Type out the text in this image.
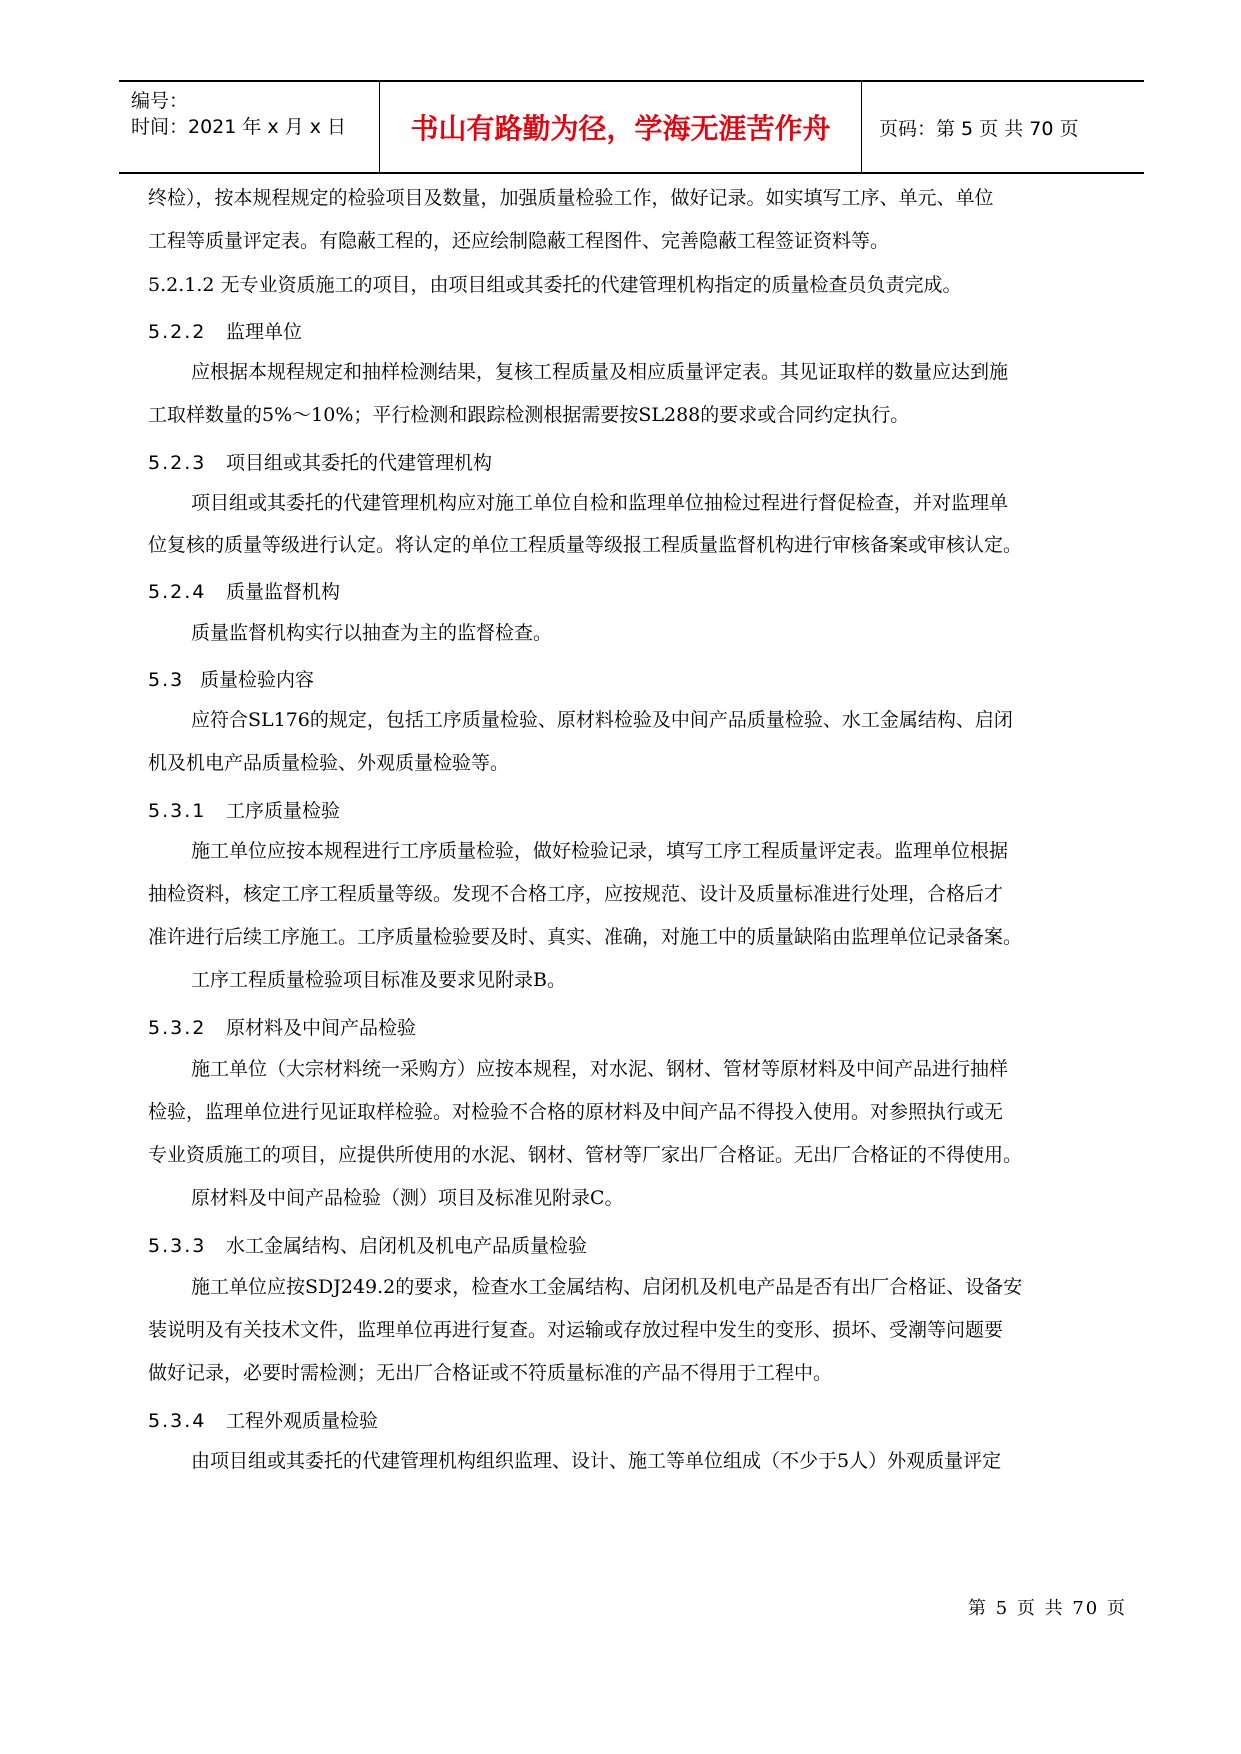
编号：
时间：2021 年 x 月 x 日	书山有路勤为径，学海无涯苦作舟	页码：第 5 页 共 70 页
终检），按本规程规定的检验项目及数量，加强质量检验工作，做好记录。如实填写工序、单元、单位
工程等质量评定表。有隐蔽工程的，还应绘制隐蔽工程图件、完善隐蔽工程签证资料等。
5.2.1.2 无专业资质施工的项目，由项目组或其委托的代建管理机构指定的质量检查员负责完成。
5.2.2 监理单位
应根据本规程规定和抽样检测结果，复核工程质量及相应质量评定表。其见证取样的数量应达到施
工取样数量的5%～10%；平行检测和跟踪检测根据需要按SL288的要求或合同约定执行。
5.2.3 项目组或其委托的代建管理机构
项目组或其委托的代建管理机构应对施工单位自检和监理单位抽检过程进行督促检查，并对监理单
位复核的质量等级进行认定。将认定的单位工程质量等级报工程质量监督机构进行审核备案或审核认定。
5.2.4 质量监督机构
质量监督机构实行以抽查为主的监督检查。
5.3 质量检验内容
应符合SL176的规定，包括工序质量检验、原材料检验及中间产品质量检验、水工金属结构、启闭
机及机电产品质量检验、外观质量检验等。
5.3.1 工序质量检验
施工单位应按本规程进行工序质量检验，做好检验记录，填写工序工程质量评定表。监理单位根据
抽检资料，核定工序工程质量等级。发现不合格工序，应按规范、设计及质量标准进行处理，合格后才
准许进行后续工序施工。工序质量检验要及时、真实、准确，对施工中的质量缺陷由监理单位记录备案。
工序工程质量检验项目标准及要求见附录B。
5.3.2 原材料及中间产品检验
施工单位（大宗材料统一采购方）应按本规程，对水泥、钢材、管材等原材料及中间产品进行抽样
检验，监理单位进行见证取样检验。对检验不合格的原材料及中间产品不得投入使用。对参照执行或无
专业资质施工的项目，应提供所使用的水泥、钢材、管材等厂家出厂合格证。无出厂合格证的不得使用。
原材料及中间产品检验（测）项目及标准见附录C。
5.3.3 水工金属结构、启闭机及机电产品质量检验
施工单位应按SDJ249.2的要求，检查水工金属结构、启闭机及机电产品是否有出厂合格证、设备安
装说明及有关技术文件，监理单位再进行复查。对运输或存放过程中发生的变形、损坏、受潮等问题要
做好记录，必要时需检测；无出厂合格证或不符质量标准的产品不得用于工程中。
5.3.4 工程外观质量检验
由项目组或其委托的代建管理机构组织监理、设计、施工等单位组成（不少于5人）外观质量评定
第 5 页 共 70 页
